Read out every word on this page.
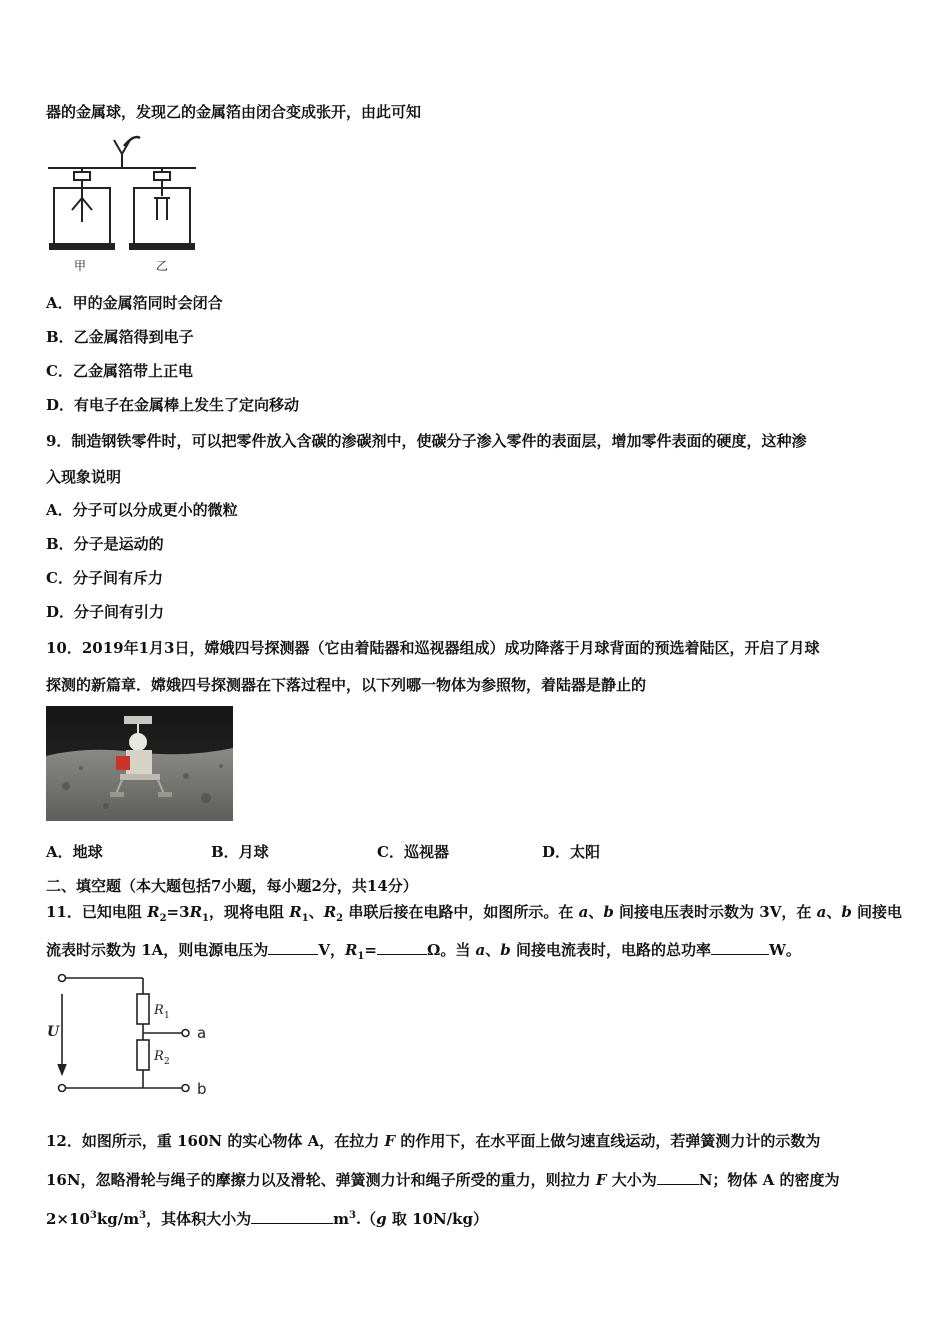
器的金属球，发现乙的金属箔由闭合变成张开，由此可知
甲	乙
A．甲的金属箔同时会闭合
B．乙金属箔得到电子
C．乙金属箔带上正电
D．有电子在金属棒上发生了定向移动
9．制造钢铁零件时，可以把零件放入含碳的渗碳剂中，使碳分子渗入零件的表面层，增加零件表面的硬度，这种渗
入现象说明
A．分子可以分成更小的微粒
B．分子是运动的
C．分子间有斥力
D．分子间有引力
10．2019年1月3日，嫦娥四号探测器（它由着陆器和巡视器组成）成功降落于月球背面的预选着陆区，开启了月球
探测的新篇章．嫦娥四号探测器在下落过程中，以下列哪一物体为参照物，着陆器是静止的
A．地球	B．月球	C．巡视器	D．太阳
二、填空题（本大题包括7小题，每小题2分，共14分）
11．已知电阻 $R_2=3R_1$，现将电阻 $R_1$、$R_2$ 串联后接在电路中，如图所示。在 a、b 间接电压表时示数为 3V，在 a、b 间接电
流表时示数为 1A，则电源电压为	V，$R_1=$	Ω。当 a、b 间接电流表时，电路的总功率	W。
U
R 1
R 2
a
b
12．如图所示，重 160N 的实心物体 A，在拉力 F 的作用下，在水平面上做匀速直线运动，若弹簧测力计的示数为
16N，忽略滑轮与绳子的摩擦力以及滑轮、弹簧测力计和绳子所受的重力，则拉力 F 大小为	N；物体 A 的密度为
$2\times 10^3kg/m^3$，其体积大小为	$m^3.(g$ 取 10N/kg）
